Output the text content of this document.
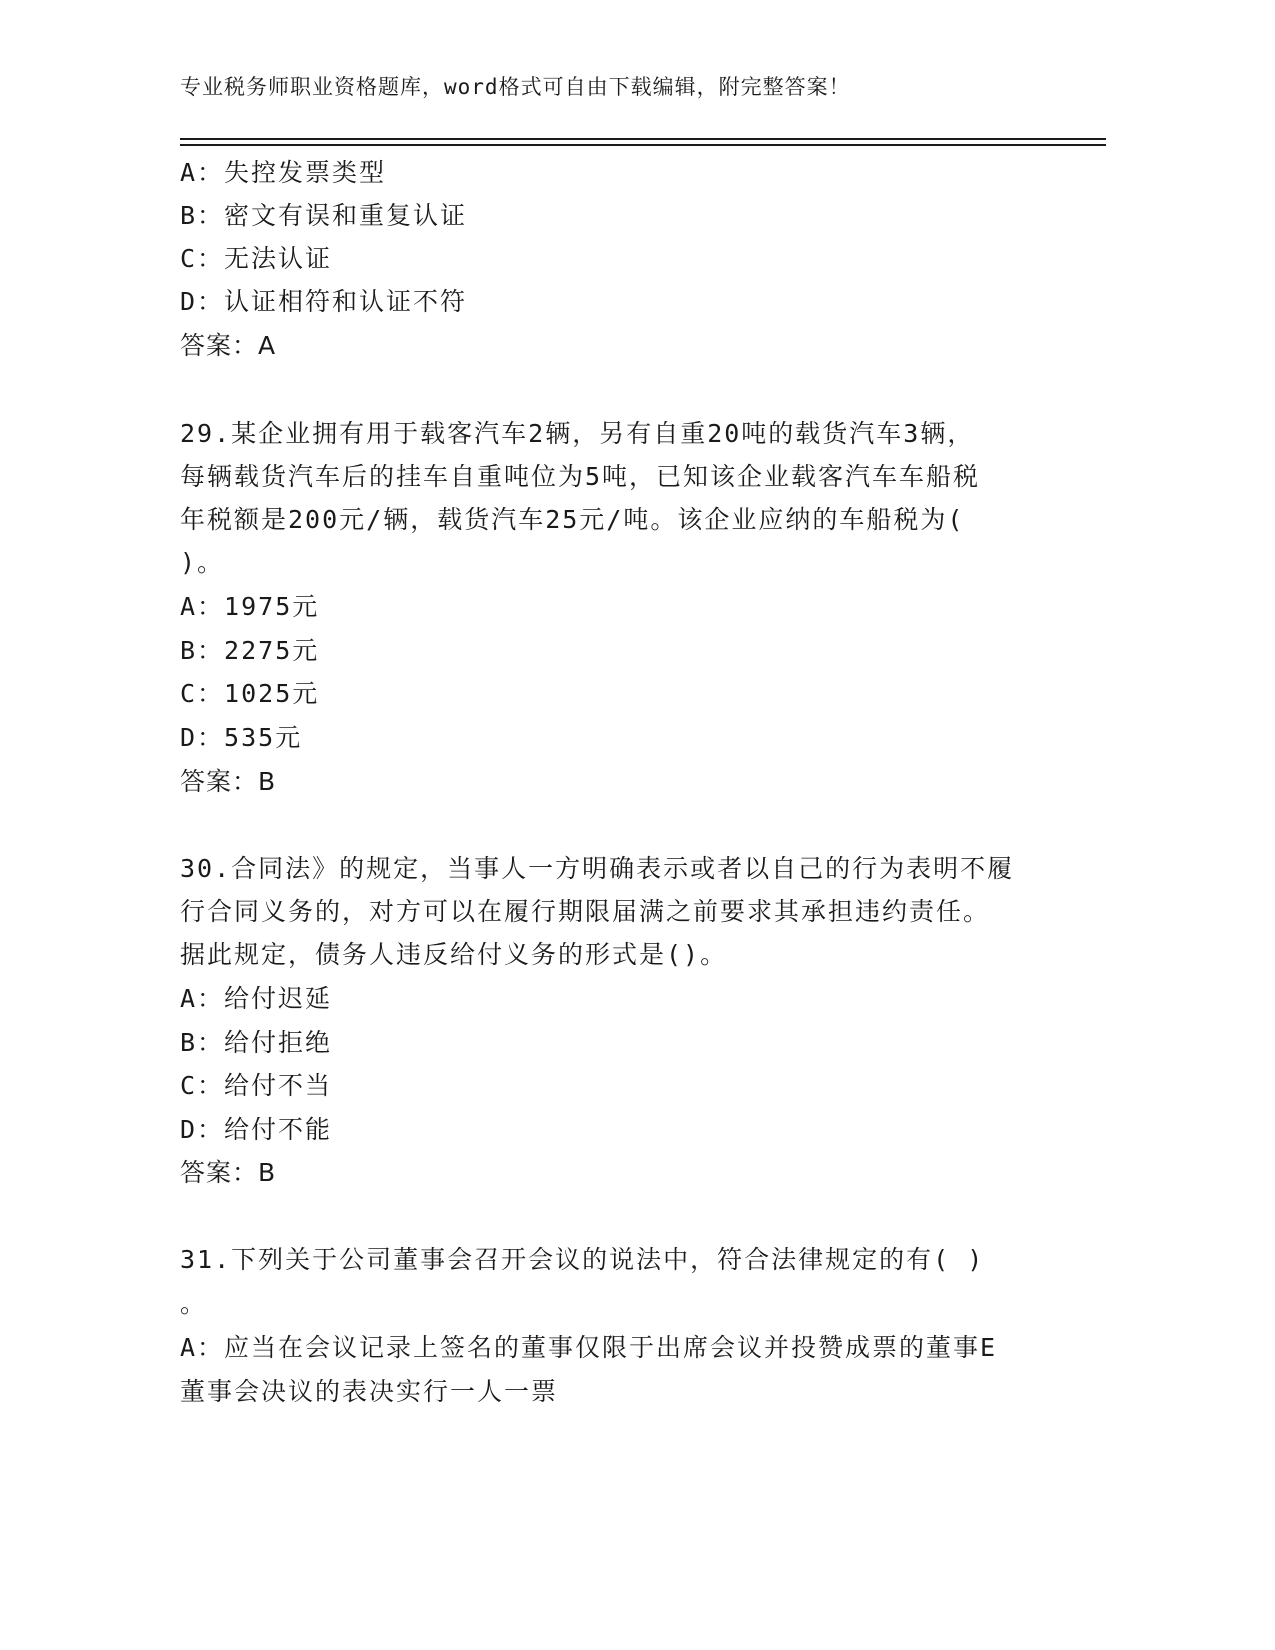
专业税务师职业资格题库，word格式可自由下载编辑，附完整答案！
A：失控发票类型
B：密文有误和重复认证
C：无法认证
D：认证相符和认证不符
答案：A
29.某企业拥有用于载客汽车2辆，另有自重20吨的载货汽车3辆，
每辆载货汽车后的挂车自重吨位为5吨，已知该企业载客汽车车船税
年税额是200元/辆，载货汽车25元/吨。该企业应纳的车船税为(
)。
A：1975元
B：2275元
C：1025元
D：535元
答案：B
30.合同法》的规定，当事人一方明确表示或者以自己的行为表明不履
行合同义务的，对方可以在履行期限届满之前要求其承担违约责任。
据此规定，债务人违反给付义务的形式是()。
A：给付迟延
B：给付拒绝
C：给付不当
D：给付不能
答案：B
31.下列关于公司董事会召开会议的说法中，符合法律规定的有( )
。
A：应当在会议记录上签名的董事仅限于出席会议并投赞成票的董事E
董事会决议的表决实行一人一票
